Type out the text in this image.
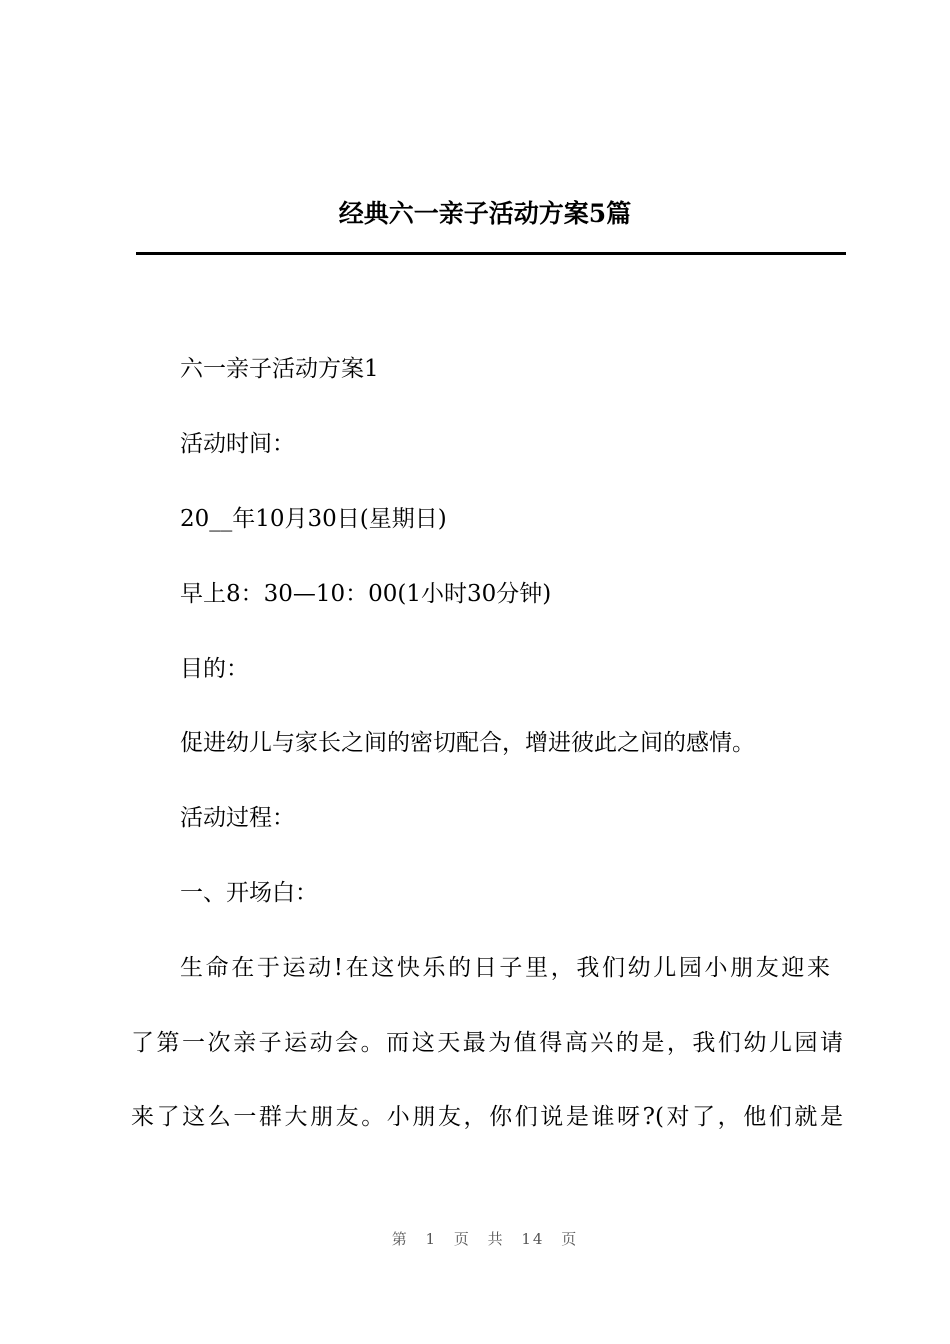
经典六一亲子活动方案5篇
六一亲子活动方案1
活动时间：
20__年10月30日(星期日)
早上8：30—10：00(1小时30分钟)
目的：
促进幼儿与家长之间的密切配合，增进彼此之间的感情。
活动过程：
一、开场白：
生命在于运动!在这快乐的日子里，我们幼儿园小朋友迎来
了第一次亲子运动会。而这天最为值得高兴的是，我们幼儿园请
来了这么一群大朋友。小朋友，你们说是谁呀?(对了，他们就是
第 1 页 共 14 页
